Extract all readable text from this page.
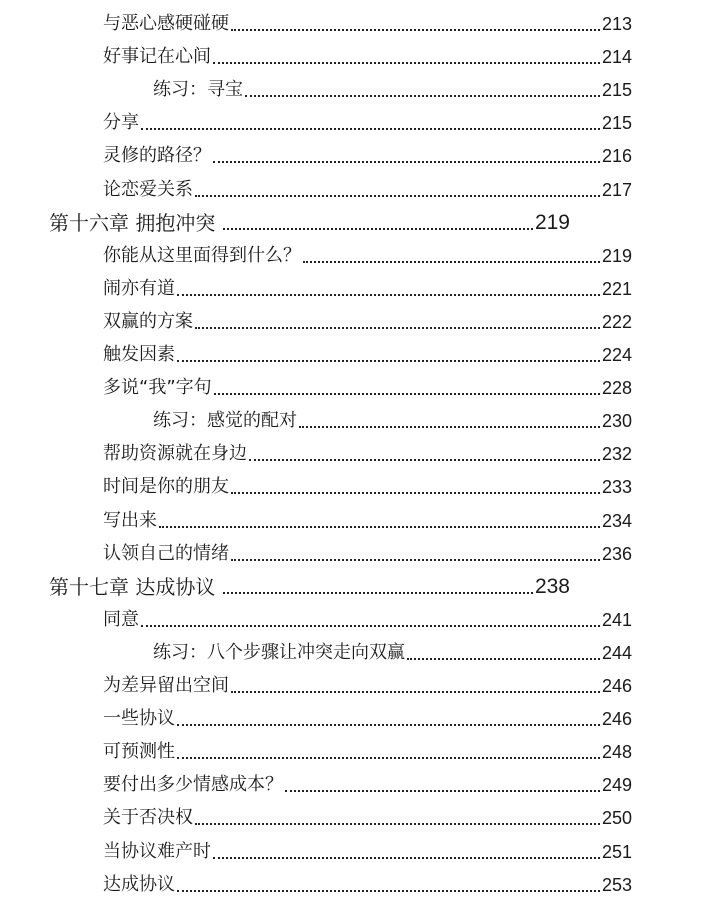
与恶心感硬碰硬	213
好事记在心间	214
练习：寻宝	215
分享	215
灵修的路径？	216
论恋爱关系	217
第十六章 拥抱冲突	219
你能从这里面得到什么？	219
闹亦有道	221
双赢的方案	222
触发因素	224
多说“我”字句	228
练习：感觉的配对	230
帮助资源就在身边	232
时间是你的朋友	233
写出来	234
认领自己的情绪	236
第十七章 达成协议	238
同意	241
练习：八个步骤让冲突走向双赢	244
为差异留出空间	246
一些协议	246
可预测性	248
要付出多少情感成本？	249
关于否决权	250
当协议难产时	251
达成协议	253
